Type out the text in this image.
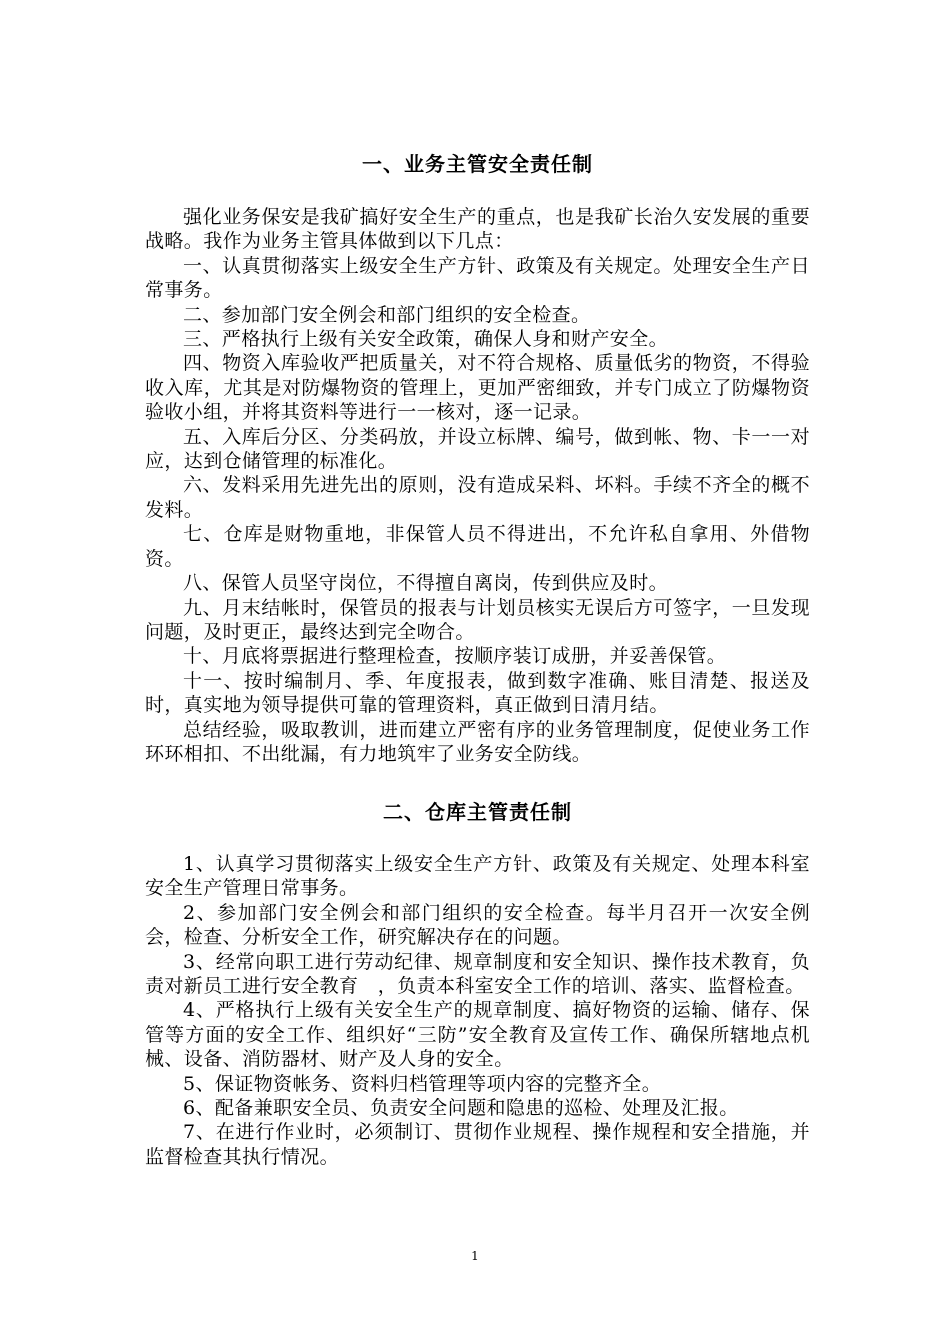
一、业务主管安全责任制

强化业务保安是我矿搞好安全生产的重点，也是我矿长治久安发展的重要战略。我作为业务主管具体做到以下几点：

一、认真贯彻落实上级安全生产方针、政策及有关规定。处理安全生产日常事务。

二、参加部门安全例会和部门组织的安全检查。

三、严格执行上级有关安全政策，确保人身和财产安全。

四、物资入库验收严把质量关，对不符合规格、质量低劣的物资，不得验收入库，尤其是对防爆物资的管理上，更加严密细致，并专门成立了防爆物资验收小组，并将其资料等进行一一核对，逐一记录。

五、入库后分区、分类码放，并设立标牌、编号，做到帐、物、卡一一对应，达到仓储管理的标准化。

六、发料采用先进先出的原则，没有造成呆料、坏料。手续不齐全的概不发料。

七、仓库是财物重地，非保管人员不得进出，不允许私自拿用、外借物资。

八、保管人员坚守岗位，不得擅自离岗，传到供应及时。

九、月末结帐时，保管员的报表与计划员核实无误后方可签字，一旦发现问题，及时更正，最终达到完全吻合。

十、月底将票据进行整理检查，按顺序装订成册，并妥善保管。

十一、按时编制月、季、年度报表，做到数字准确、账目清楚、报送及时，真实地为领导提供可靠的管理资料，真正做到日清月结。

总结经验，吸取教训，进而建立严密有序的业务管理制度，促使业务工作环环相扣、不出纰漏，有力地筑牢了业务安全防线。

二、仓库主管责任制

1、认真学习贯彻落实上级安全生产方针、政策及有关规定、处理本科室安全生产管理日常事务。

2、参加部门安全例会和部门组织的安全检查。每半月召开一次安全例会，检查、分析安全工作，研究解决存在的问题。

3、经常向职工进行劳动纪律、规章制度和安全知识、操作技术教育，负责对新员工进行安全教育　，负责本科室安全工作的培训、落实、监督检查。

4、严格执行上级有关安全生产的规章制度、搞好物资的运输、储存、保管等方面的安全工作、组织好“三防”安全教育及宣传工作、确保所辖地点机械、设备、消防器材、财产及人身的安全。

5、保证物资帐务、资料归档管理等项内容的完整齐全。

6、配备兼职安全员、负责安全问题和隐患的巡检、处理及汇报。

7、在进行作业时，必须制订、贯彻作业规程、操作规程和安全措施，并监督检查其执行情况。

1
